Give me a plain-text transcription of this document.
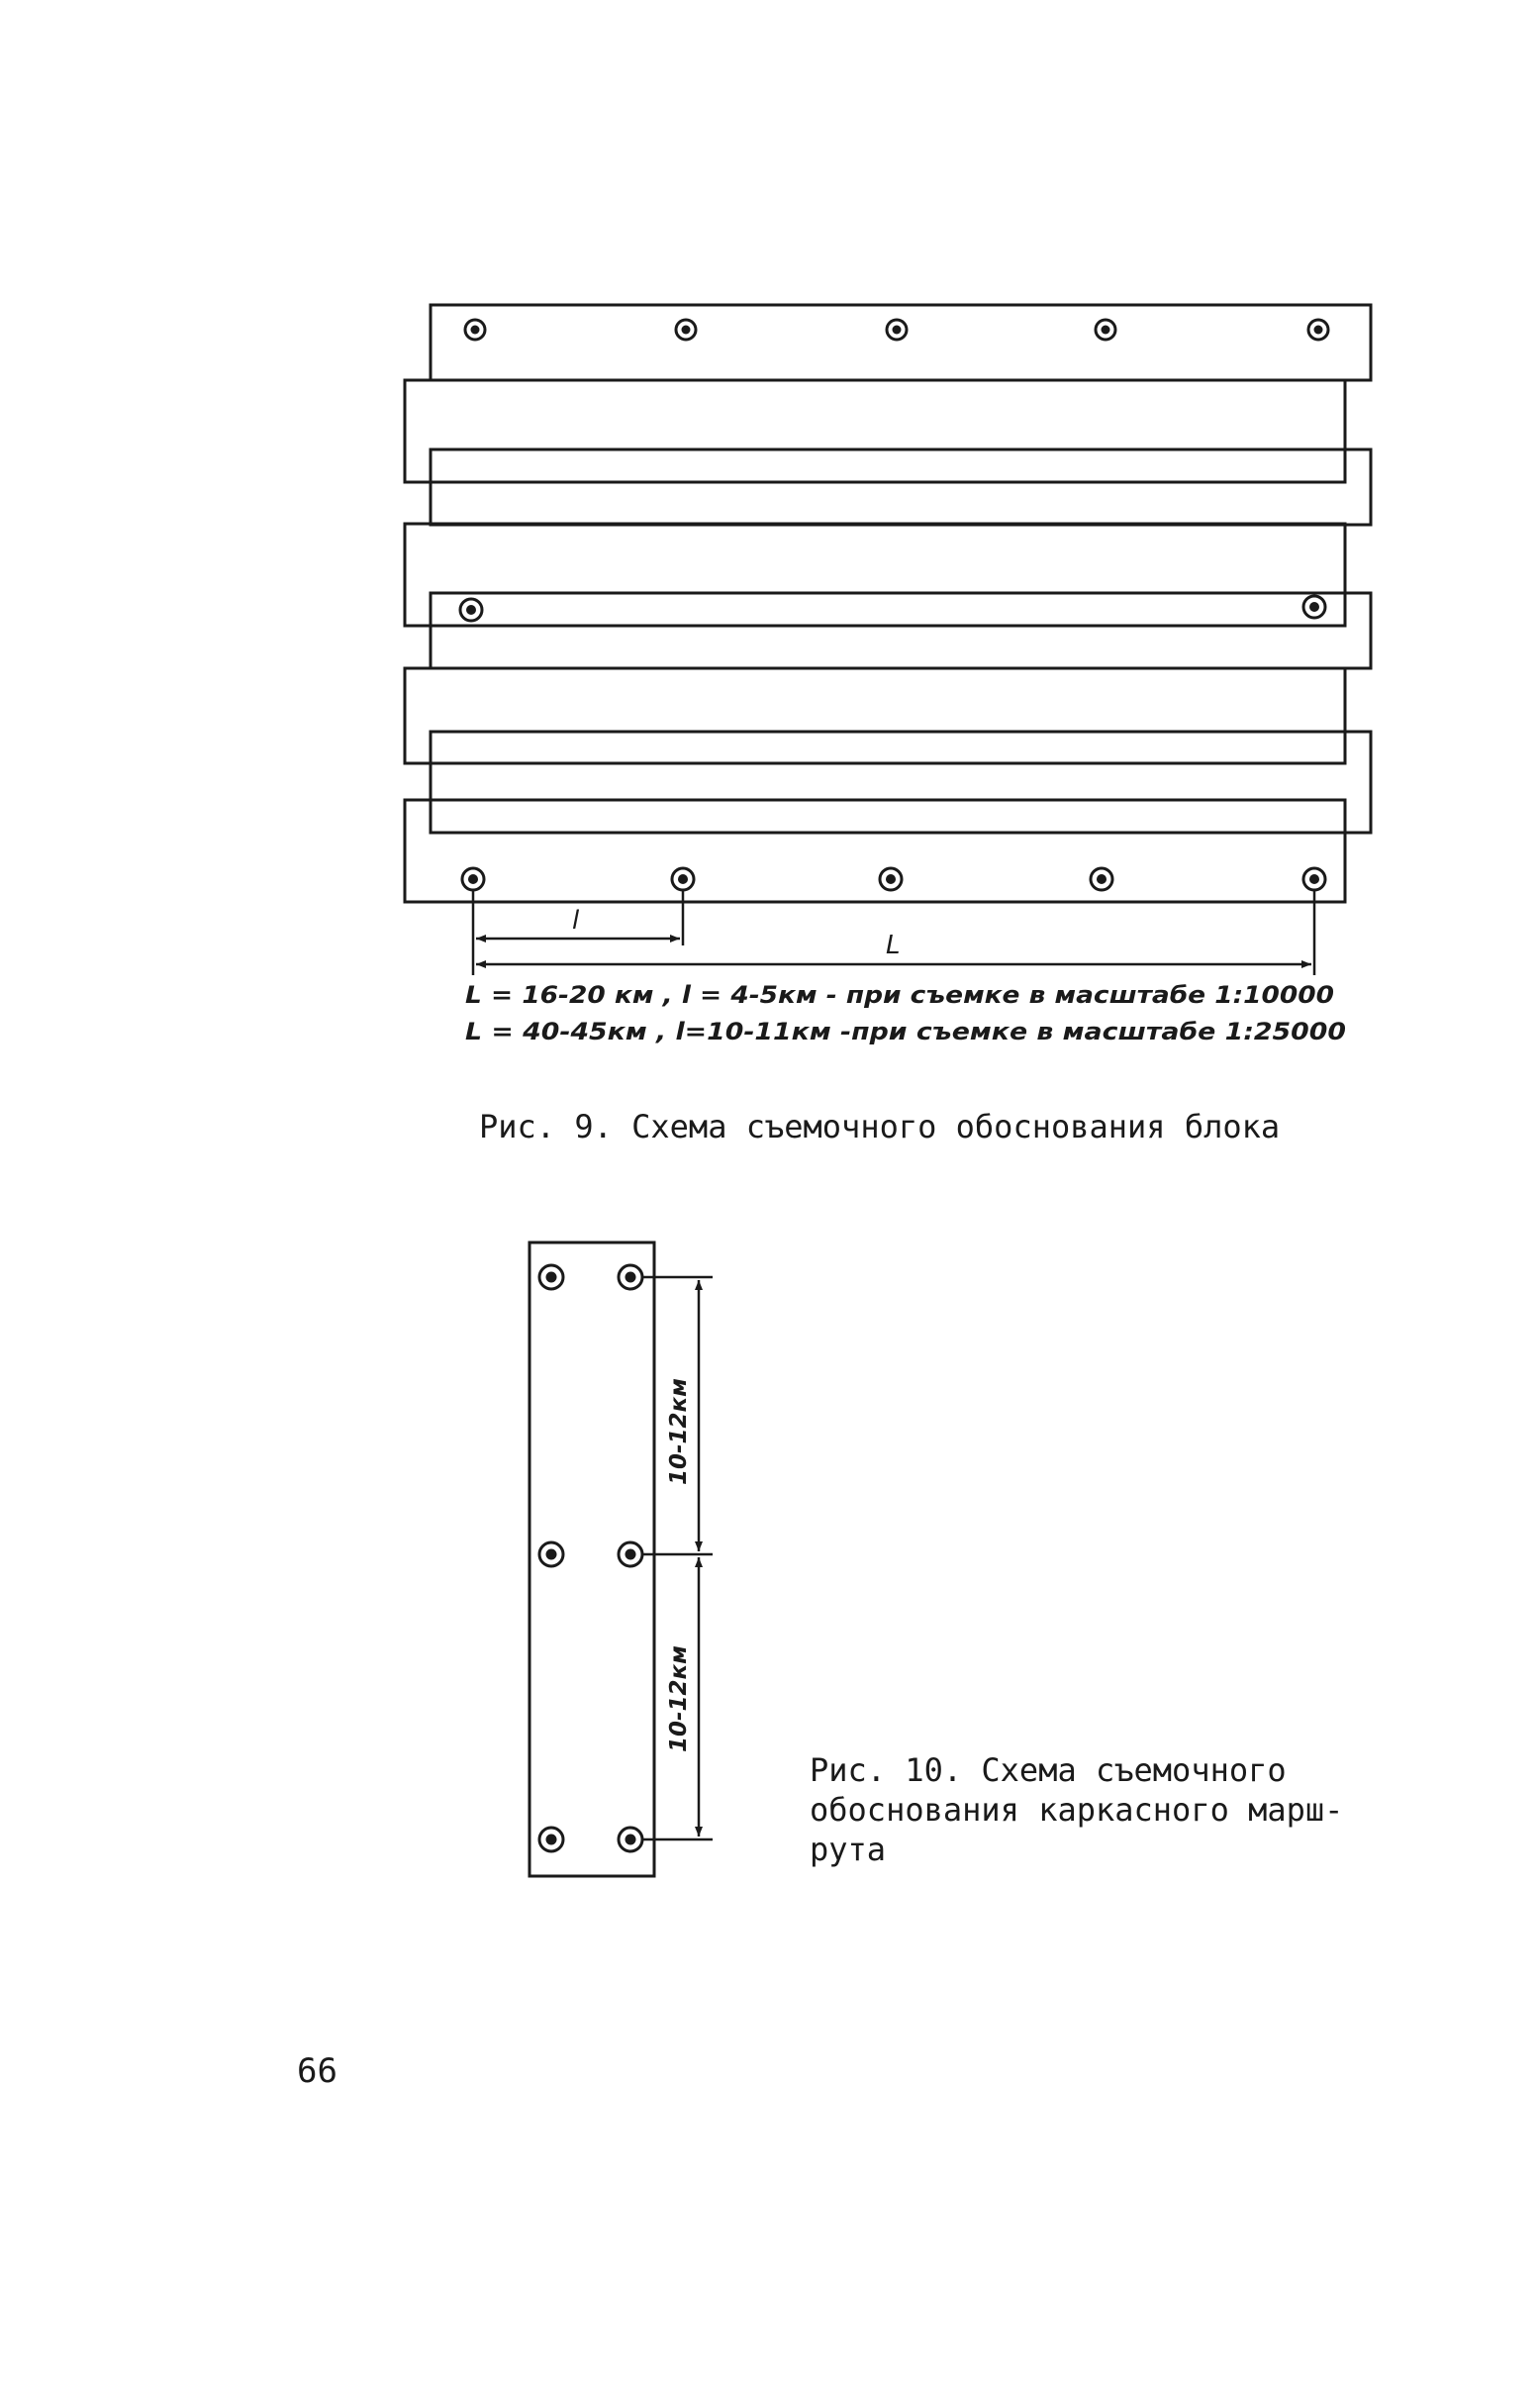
l
L
L = 16-20 км , l = 4-5км - при съемке в масштабе 1:10000
L = 40-45км , l=10-11км -при съемке в масштабе 1:25000
10-12км
10-12км

Рис. 9. Схема съемочного обоснования блока

Рис. 10. Схема съемочного
обоснования каркасного марш-
рута
66
